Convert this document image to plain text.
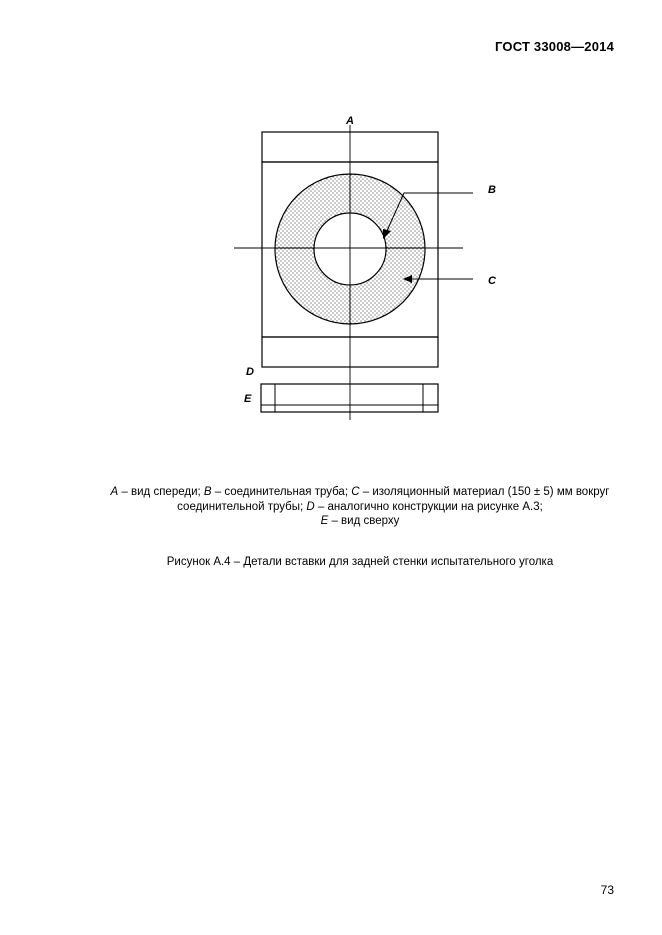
ГОСТ 33008—2014
A
B
C
D
E
A – вид спереди; B – соединительная труба; C – изоляционный материал (150 ± 5) мм вокруг
соединительной трубы; D – аналогично конструкции на рисунке А.3;
E – вид сверху
Рисунок А.4 – Детали вставки для задней стенки испытательного уголка
73
